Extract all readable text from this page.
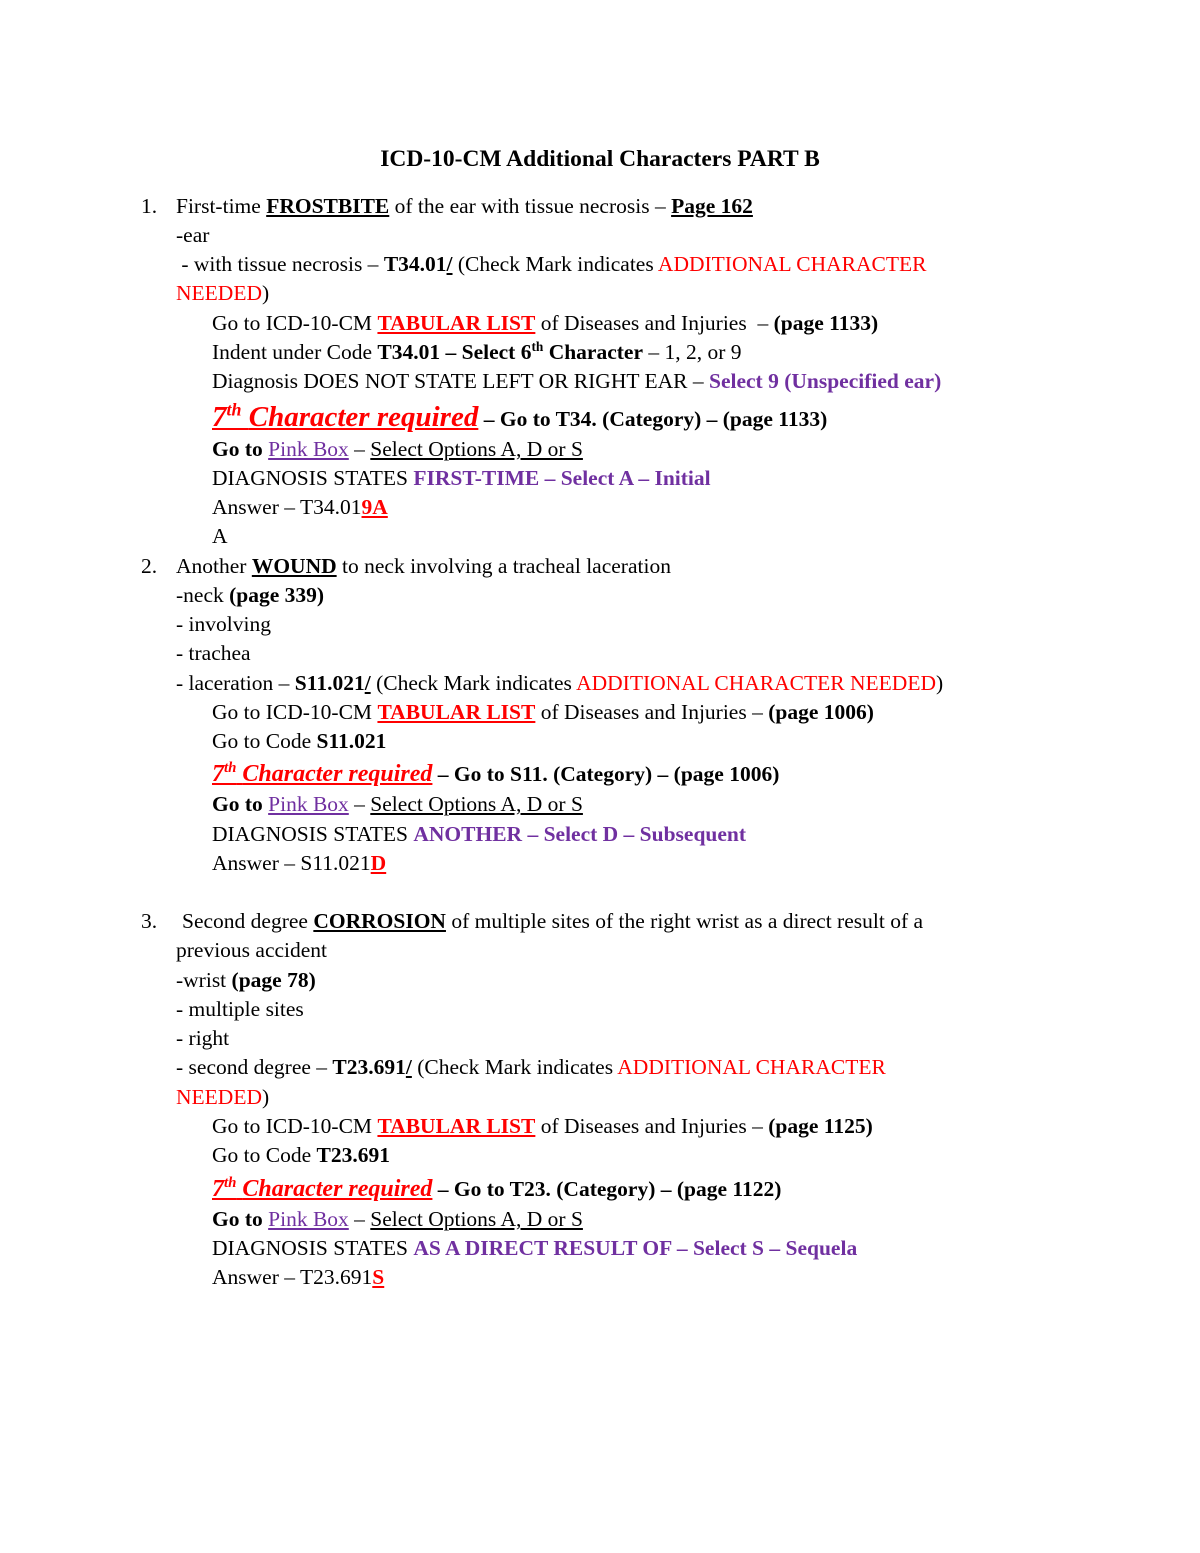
ICD-10-CM Additional Characters PART B
1. First-time FROSTBITE of the ear with tissue necrosis – Page 162
-ear
- with tissue necrosis – T34.01/ (Check Mark indicates ADDITIONAL CHARACTER
NEEDED)
Go to ICD-10-CM TABULAR LIST of Diseases and Injuries – (page 1133)
Indent under Code T34.01 – Select 6th Character – 1, 2, or 9
Diagnosis DOES NOT STATE LEFT OR RIGHT EAR – Select 9 (Unspecified ear)
7th Character required – Go to T34. (Category) – (page 1133)
Go to Pink Box – Select Options A, D or S
DIAGNOSIS STATES FIRST-TIME – Select A – Initial
Answer – T34.019A
A
2. Another WOUND to neck involving a tracheal laceration
-neck (page 339)
- involving
- trachea
- laceration – S11.021/ (Check Mark indicates ADDITIONAL CHARACTER NEEDED)
Go to ICD-10-CM TABULAR LIST of Diseases and Injuries – (page 1006)
Go to Code S11.021
7th Character required – Go to S11. (Category) – (page 1006)
Go to Pink Box – Select Options A, D or S
DIAGNOSIS STATES ANOTHER – Select D – Subsequent
Answer – S11.021D
3. Second degree CORROSION of multiple sites of the right wrist as a direct result of a
previous accident
-wrist (page 78)
- multiple sites
- right
- second degree – T23.691/ (Check Mark indicates ADDITIONAL CHARACTER
NEEDED)
Go to ICD-10-CM TABULAR LIST of Diseases and Injuries – (page 1125)
Go to Code T23.691
7th Character required – Go to T23. (Category) – (page 1122)
Go to Pink Box – Select Options A, D or S
DIAGNOSIS STATES AS A DIRECT RESULT OF – Select S – Sequela
Answer – T23.691S
